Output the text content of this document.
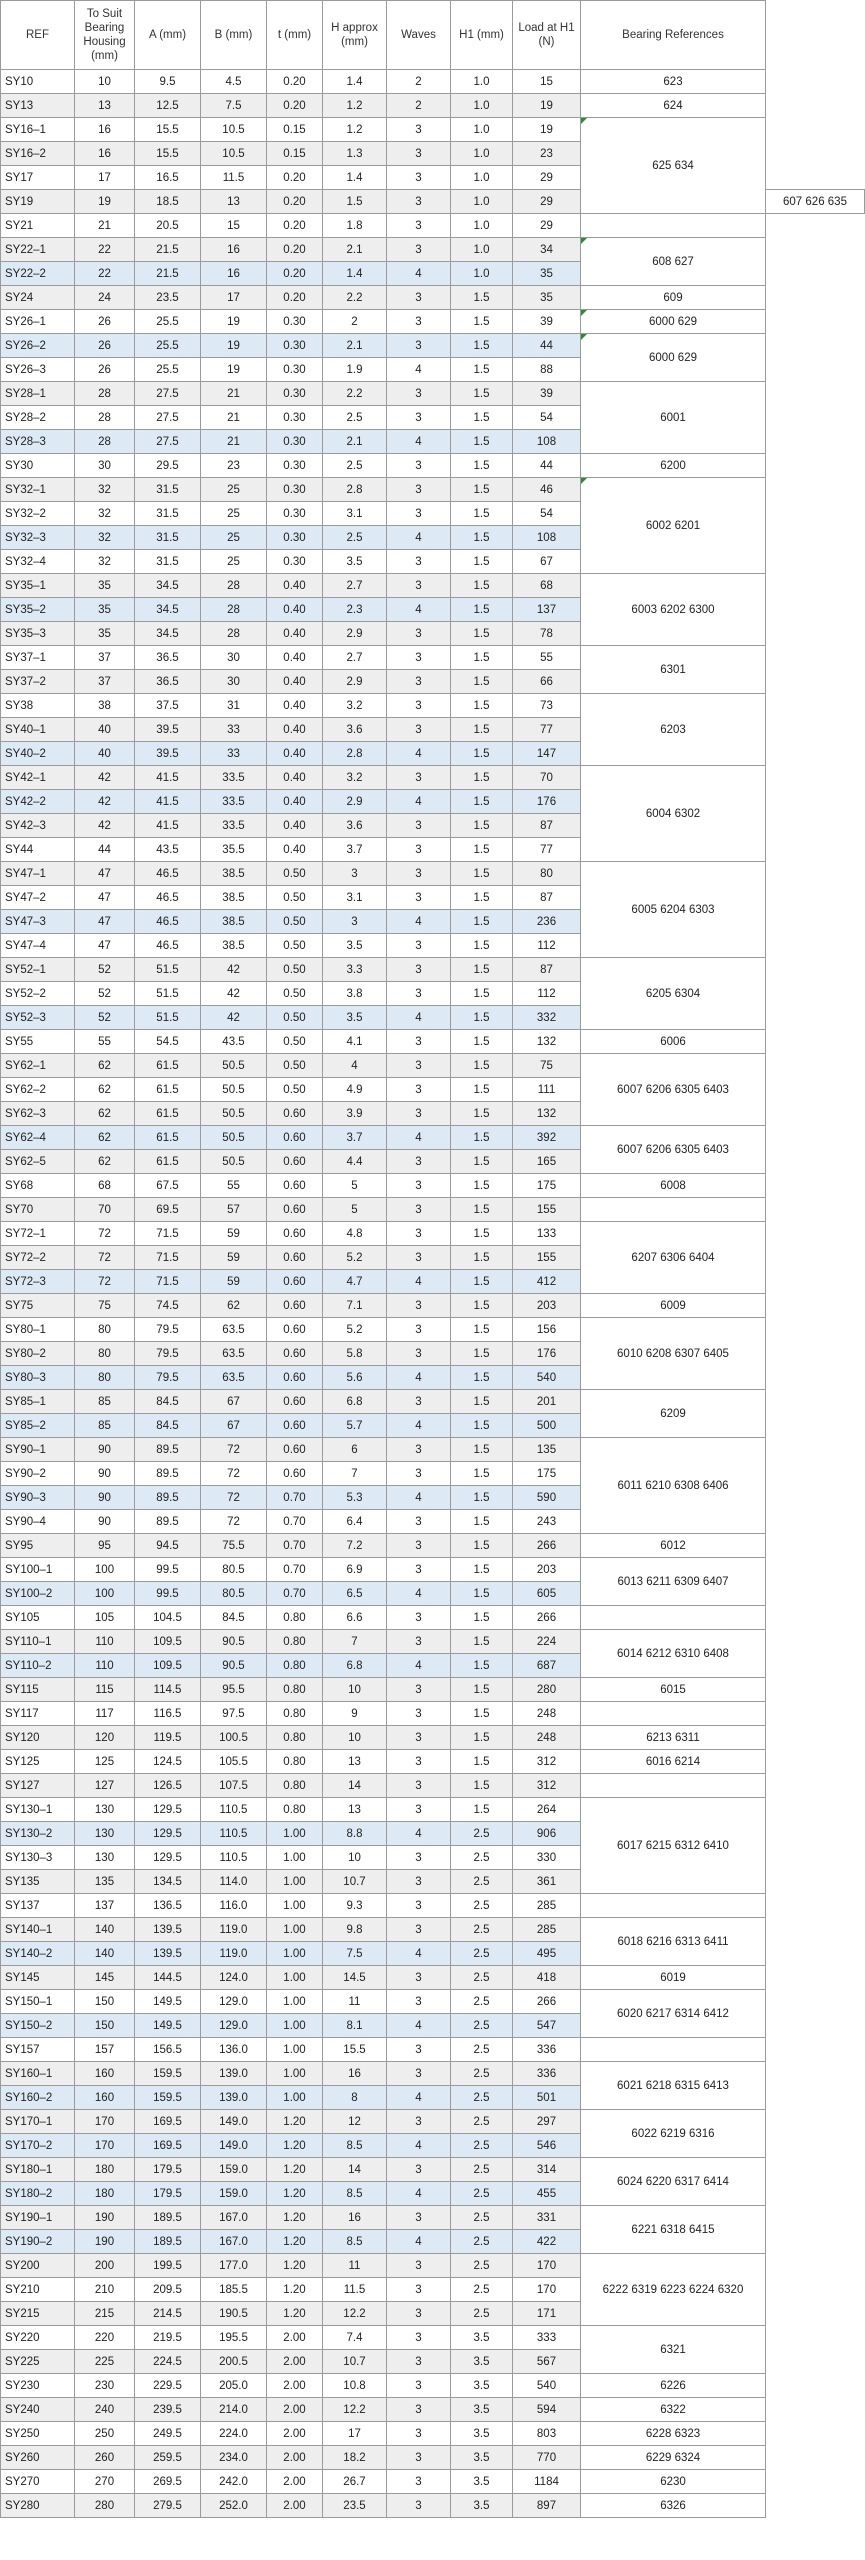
REF	To Suit Bearing Housing (mm)	A (mm)	B (mm)	t (mm)	H approx (mm)	Waves	H1 (mm)	Load at H1 (N)	Bearing References	
SY10	10	9.5	4.5	0.20	1.4	2	1.0	15	623	

SY13	13	12.5	7.5	0.20	1.2	2	1.0	19	624	

SY16–1	16	15.5	10.5	0.15	1.2	3	1.0	19	625 634	

SY16–2	16	15.5	10.5	0.15	1.3	3	1.0	23		
SY17	17	16.5	11.5	0.20	1.4	3	1.0	29		
SY19	19	18.5	13	0.20	1.5	3	1.0	29		607 626 635

SY21	21	20.5	15	0.20	1.8	3	1.0	29		

SY22–1	22	21.5	16	0.20	2.1	3	1.0	34	608 627	

SY22–2	22	21.5	16	0.20	1.4	4	1.0	35		
SY24	24	23.5	17	0.20	2.2	3	1.5	35	609	

SY26–1	26	25.5	19	0.30	2	3	1.5	39	6000 629	

SY26–2	26	25.5	19	0.30	2.1	3	1.5	44	6000 629	

SY26–3	26	25.5	19	0.30	1.9	4	1.5	88		
SY28–1	28	27.5	21	0.30	2.2	3	1.5	39	6001	

SY28–2	28	27.5	21	0.30	2.5	3	1.5	54		
SY28–3	28	27.5	21	0.30	2.1	4	1.5	108		
SY30	30	29.5	23	0.30	2.5	3	1.5	44	6200	

SY32–1	32	31.5	25	0.30	2.8	3	1.5	46	6002 6201	

SY32–2	32	31.5	25	0.30	3.1	3	1.5	54		
SY32–3	32	31.5	25	0.30	2.5	4	1.5	108		
SY32–4	32	31.5	25	0.30	3.5	3	1.5	67		
SY35–1	35	34.5	28	0.40	2.7	3	1.5	68	6003 6202 6300	

SY35–2	35	34.5	28	0.40	2.3	4	1.5	137		
SY35–3	35	34.5	28	0.40	2.9	3	1.5	78		
SY37–1	37	36.5	30	0.40	2.7	3	1.5	55	6301	

SY37–2	37	36.5	30	0.40	2.9	3	1.5	66		
SY38	38	37.5	31	0.40	3.2	3	1.5	73	6203	

SY40–1	40	39.5	33	0.40	3.6	3	1.5	77		
SY40–2	40	39.5	33	0.40	2.8	4	1.5	147		
SY42–1	42	41.5	33.5	0.40	3.2	3	1.5	70	6004 6302	

SY42–2	42	41.5	33.5	0.40	2.9	4	1.5	176		
SY42–3	42	41.5	33.5	0.40	3.6	3	1.5	87		
SY44	44	43.5	35.5	0.40	3.7	3	1.5	77		
SY47–1	47	46.5	38.5	0.50	3	3	1.5	80	6005 6204 6303	

SY47–2	47	46.5	38.5	0.50	3.1	3	1.5	87		
SY47–3	47	46.5	38.5	0.50	3	4	1.5	236		
SY47–4	47	46.5	38.5	0.50	3.5	3	1.5	112		
SY52–1	52	51.5	42	0.50	3.3	3	1.5	87	6205 6304	

SY52–2	52	51.5	42	0.50	3.8	3	1.5	112		
SY52–3	52	51.5	42	0.50	3.5	4	1.5	332		
SY55	55	54.5	43.5	0.50	4.1	3	1.5	132	6006	

SY62–1	62	61.5	50.5	0.50	4	3	1.5	75	6007 6206 6305 6403	

SY62–2	62	61.5	50.5	0.50	4.9	3	1.5	111		
SY62–3	62	61.5	50.5	0.60	3.9	3	1.5	132		
SY62–4	62	61.5	50.5	0.60	3.7	4	1.5	392	6007 6206 6305 6403	

SY62–5	62	61.5	50.5	0.60	4.4	3	1.5	165		
SY68	68	67.5	55	0.60	5	3	1.5	175	6008	

SY70	70	69.5	57	0.60	5	3	1.5	155		

SY72–1	72	71.5	59	0.60	4.8	3	1.5	133	6207 6306 6404	

SY72–2	72	71.5	59	0.60	5.2	3	1.5	155		
SY72–3	72	71.5	59	0.60	4.7	4	1.5	412		
SY75	75	74.5	62	0.60	7.1	3	1.5	203	6009	

SY80–1	80	79.5	63.5	0.60	5.2	3	1.5	156	6010 6208 6307 6405	

SY80–2	80	79.5	63.5	0.60	5.8	3	1.5	176		
SY80–3	80	79.5	63.5	0.60	5.6	4	1.5	540		
SY85–1	85	84.5	67	0.60	6.8	3	1.5	201	6209	

SY85–2	85	84.5	67	0.60	5.7	4	1.5	500		
SY90–1	90	89.5	72	0.60	6	3	1.5	135	6011 6210 6308 6406	

SY90–2	90	89.5	72	0.60	7	3	1.5	175		
SY90–3	90	89.5	72	0.70	5.3	4	1.5	590		
SY90–4	90	89.5	72	0.70	6.4	3	1.5	243		
SY95	95	94.5	75.5	0.70	7.2	3	1.5	266	6012	

SY100–1	100	99.5	80.5	0.70	6.9	3	1.5	203	6013 6211 6309 6407	

SY100–2	100	99.5	80.5	0.70	6.5	4	1.5	605		
SY105	105	104.5	84.5	0.80	6.6	3	1.5	266		

SY110–1	110	109.5	90.5	0.80	7	3	1.5	224	6014 6212 6310 6408	

SY110–2	110	109.5	90.5	0.80	6.8	4	1.5	687		
SY115	115	114.5	95.5	0.80	10	3	1.5	280	6015	

SY117	117	116.5	97.5	0.80	9	3	1.5	248		

SY120	120	119.5	100.5	0.80	10	3	1.5	248	6213 6311	

SY125	125	124.5	105.5	0.80	13	3	1.5	312	6016 6214	

SY127	127	126.5	107.5	0.80	14	3	1.5	312		

SY130–1	130	129.5	110.5	0.80	13	3	1.5	264	6017 6215 6312 6410	

SY130–2	130	129.5	110.5	1.00	8.8	4	2.5	906		
SY130–3	130	129.5	110.5	1.00	10	3	2.5	330		
SY135	135	134.5	114.0	1.00	10.7	3	2.5	361		
SY137	137	136.5	116.0	1.00	9.3	3	2.5	285		

SY140–1	140	139.5	119.0	1.00	9.8	3	2.5	285	6018 6216 6313 6411	

SY140–2	140	139.5	119.0	1.00	7.5	4	2.5	495		
SY145	145	144.5	124.0	1.00	14.5	3	2.5	418	6019	

SY150–1	150	149.5	129.0	1.00	11	3	2.5	266	6020 6217 6314 6412	

SY150–2	150	149.5	129.0	1.00	8.1	4	2.5	547		
SY157	157	156.5	136.0	1.00	15.5	3	2.5	336		

SY160–1	160	159.5	139.0	1.00	16	3	2.5	336	6021 6218 6315 6413	

SY160–2	160	159.5	139.0	1.00	8	4	2.5	501		
SY170–1	170	169.5	149.0	1.20	12	3	2.5	297	6022 6219 6316	

SY170–2	170	169.5	149.0	1.20	8.5	4	2.5	546		
SY180–1	180	179.5	159.0	1.20	14	3	2.5	314	6024 6220 6317 6414	

SY180–2	180	179.5	159.0	1.20	8.5	4	2.5	455		
SY190–1	190	189.5	167.0	1.20	16	3	2.5	331	6221 6318 6415	

SY190–2	190	189.5	167.0	1.20	8.5	4	2.5	422		
SY200	200	199.5	177.0	1.20	11	3	2.5	170	6222 6319 6223 6224 6320	

SY210	210	209.5	185.5	1.20	11.5	3	2.5	170		
SY215	215	214.5	190.5	1.20	12.2	3	2.5	171		
SY220	220	219.5	195.5	2.00	7.4	3	3.5	333	6321	

SY225	225	224.5	200.5	2.00	10.7	3	3.5	567		
SY230	230	229.5	205.0	2.00	10.8	3	3.5	540	6226	

SY240	240	239.5	214.0	2.00	12.2	3	3.5	594	6322	

SY250	250	249.5	224.0	2.00	17	3	3.5	803	6228 6323	

SY260	260	259.5	234.0	2.00	18.2	3	3.5	770	6229 6324	

SY270	270	269.5	242.0	2.00	26.7	3	3.5	1184	6230	

SY280	280	279.5	252.0	2.00	23.5	3	3.5	897	6326	
